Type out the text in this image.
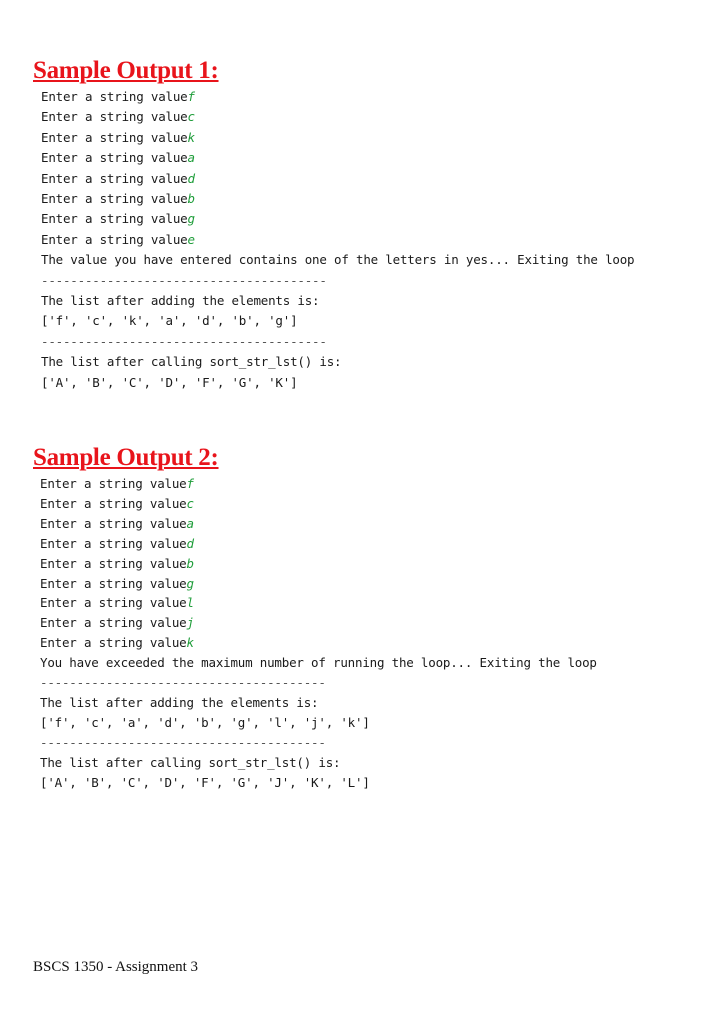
Sample Output 1:
Enter a string valuef
Enter a string valuec
Enter a string valuek
Enter a string valuea
Enter a string valued
Enter a string valueb
Enter a string valueg
Enter a string valuee
The value you have entered contains one of the letters in yes... Exiting the loop
---------------------------------------
The list after adding the elements is:
['f', 'c', 'k', 'a', 'd', 'b', 'g']
---------------------------------------
The list after calling sort_str_lst() is:
['A', 'B', 'C', 'D', 'F', 'G', 'K']
Sample Output 2:
Enter a string valuef
Enter a string valuec
Enter a string valuea
Enter a string valued
Enter a string valueb
Enter a string valueg
Enter a string valuel
Enter a string valuej
Enter a string valuek
You have exceeded the maximum number of running the loop... Exiting the loop
---------------------------------------
The list after adding the elements is:
['f', 'c', 'a', 'd', 'b', 'g', 'l', 'j', 'k']
---------------------------------------
The list after calling sort_str_lst() is:
['A', 'B', 'C', 'D', 'F', 'G', 'J', 'K', 'L']
BSCS 1350 - Assignment 3
